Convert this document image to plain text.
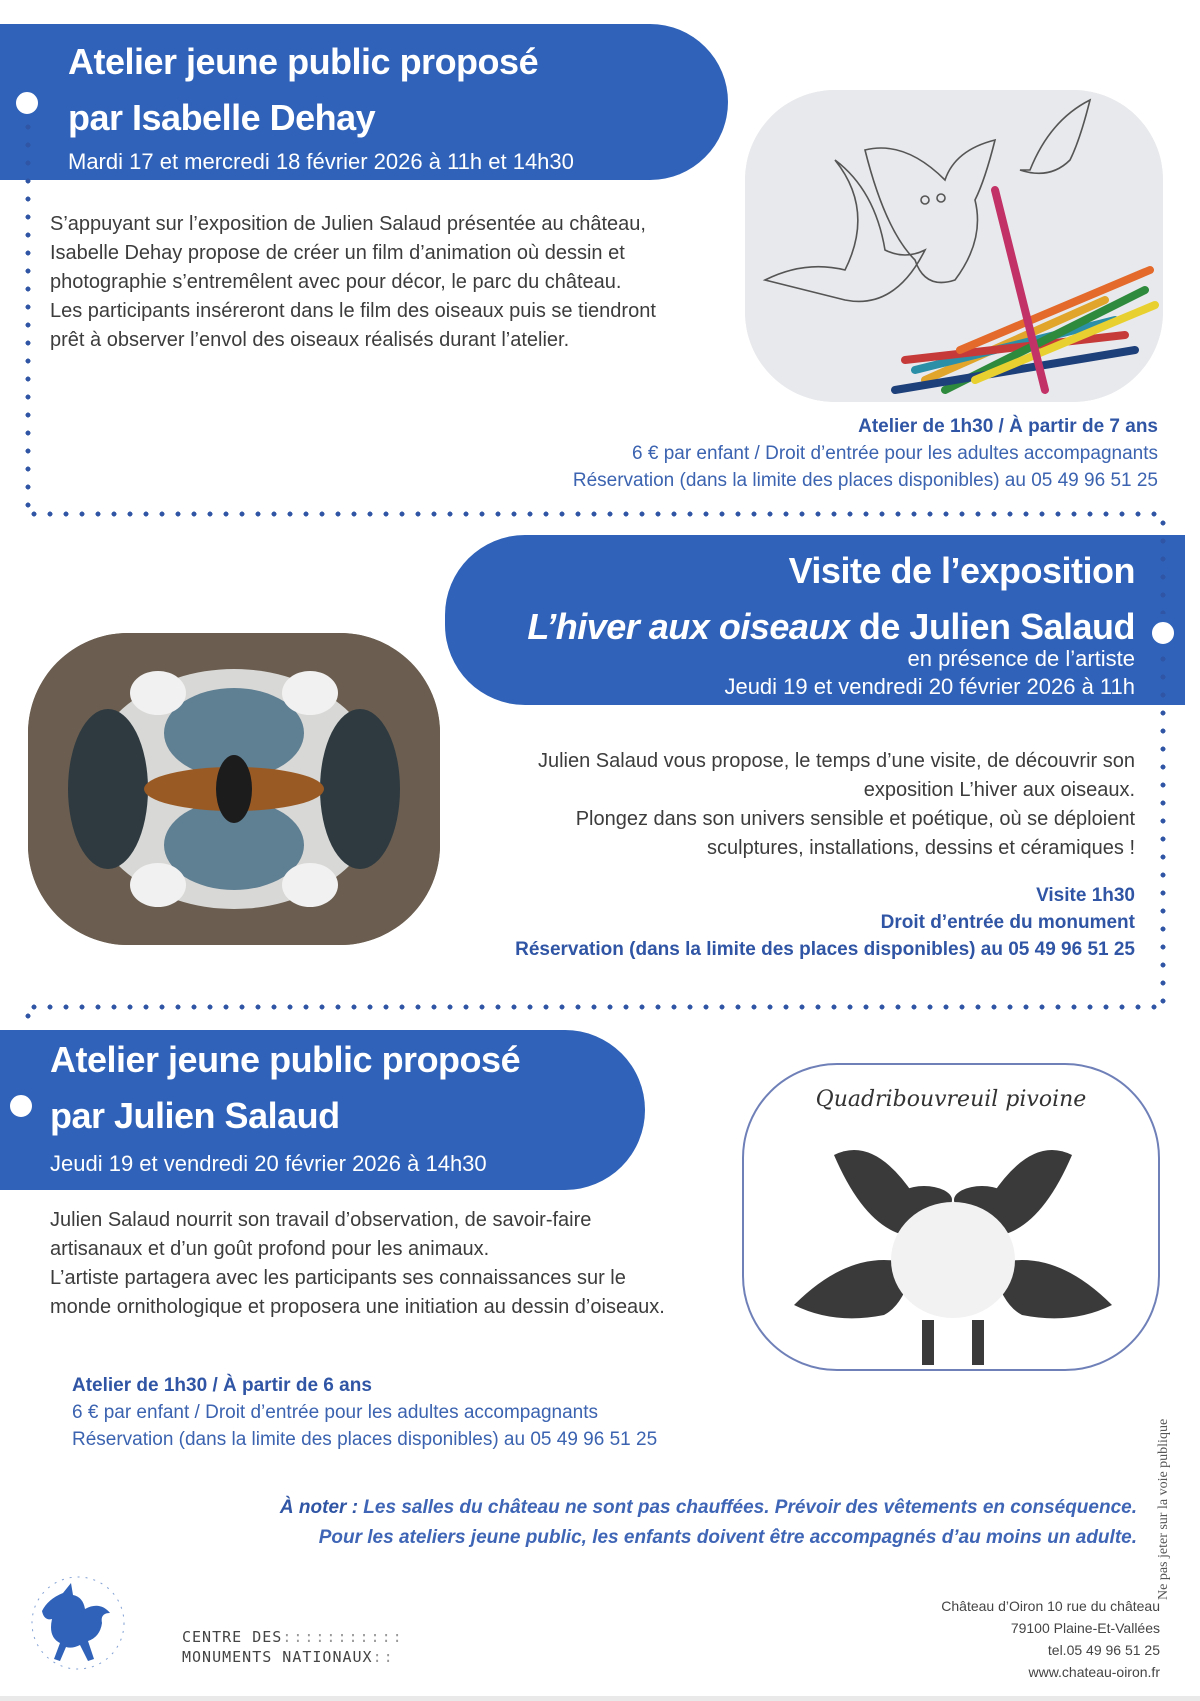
Atelier jeune public proposé
par Isabelle Dehay
Mardi 17 et mercredi 18 février 2026 à 11h et 14h30
S’appuyant sur l’exposition de Julien Salaud présentée au château,
Isabelle Dehay propose de créer un film d’animation où dessin et
photographie s’entremêlent avec pour décor, le parc du château.
Les participants inséreront dans le film des oiseaux puis se tiendront
prêt à observer l’envol des oiseaux réalisés durant l’atelier.
Atelier de 1h30 / À partir de 7 ans
6 € par enfant / Droit d’entrée pour les adultes accompagnants
Réservation (dans la limite des places disponibles) au 05 49 96 51 25
Visite de l’exposition
L’hiver aux oiseaux de Julien Salaud
en présence de l’artiste
Jeudi 19 et vendredi 20 février 2026 à 11h
Julien Salaud vous propose, le temps d’une visite, de découvrir son
exposition L’hiver aux oiseaux.
Plongez dans son univers sensible et poétique, où se déploient
sculptures, installations, dessins et céramiques !
Visite 1h30
Droit d’entrée du monument
Réservation (dans la limite des places disponibles) au 05 49 96 51 25
Atelier jeune public proposé
par Julien Salaud
Jeudi 19 et vendredi 20 février 2026 à 14h30
Julien Salaud nourrit son travail d’observation, de savoir-faire
artisanaux et d’un goût profond pour les animaux.
L’artiste partagera avec les participants ses connaissances sur le
monde ornithologique et proposera une initiation au dessin d’oiseaux.
Quadribouvreuil pivoine
Atelier de 1h30 / À partir de 6 ans
6 € par enfant / Droit d’entrée pour les adultes accompagnants
Réservation (dans la limite des places disponibles) au 05 49 96 51 25
À noter : Les salles du château ne sont pas chauffées. Prévoir des vêtements en conséquence.
Pour les ateliers jeune public, les enfants doivent être accompagnés d’au moins un adulte. Ne pas jeter sur la voie publique
CENTRE DES:::::::::::
MONUMENTS NATIONAUX::
Château d’Oiron 10 rue du château
79100 Plaine-Et-Vallées
tel.05 49 96 51 25
www.chateau-oiron.fr
